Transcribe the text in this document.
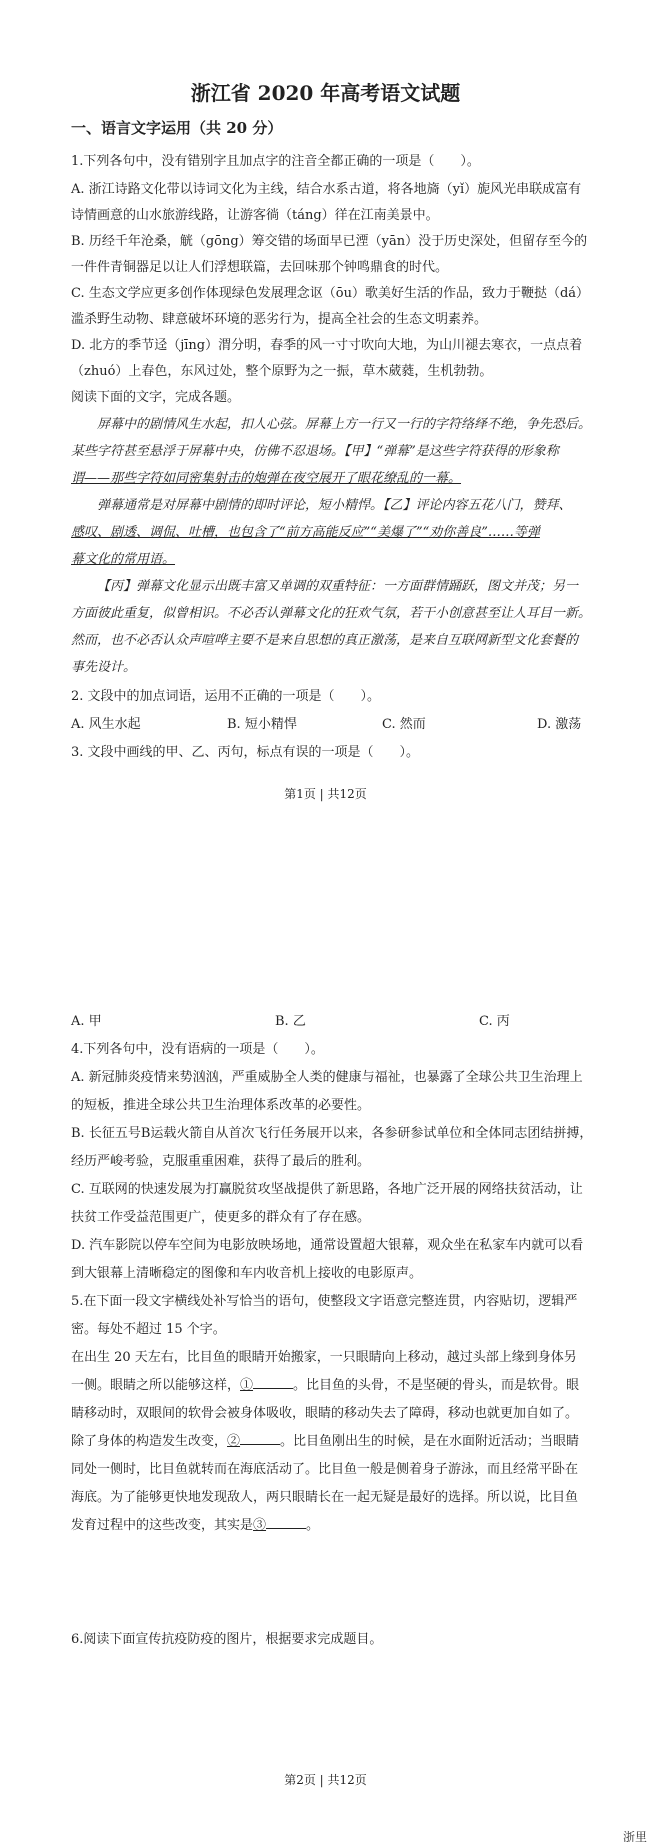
浙江省 2020 年高考语文试题
一、语言文字运用（共 20 分）
1.下列各句中，没有错别字且加点字的注音全都正确的一项是（　　）。
A. 浙江诗路文化带以诗词文化为主线，结合水系古道，将各地旖（yǐ）旎风光串联成富有
诗情画意的山水旅游线路，让游客徜（táng）徉在江南美景中。
B. 历经千年沧桑，觥（gōng）筹交错的场面早已湮（yān）没于历史深处，但留存至今的
一件件青铜器足以让人们浮想联篇，去回味那个钟鸣鼎食的时代。
C. 生态文学应更多创作体现绿色发展理念讴（ōu）歌美好生活的作品，致力于鞭挞（dá）
滥杀野生动物、肆意破坏环境的恶劣行为，提高全社会的生态文明素养。
D. 北方的季节迳（jīng）渭分明，春季的风一寸寸吹向大地，为山川褪去寒衣，一点点着
（zhuó）上春色，东风过处，整个原野为之一振，草木葳蕤，生机勃勃。
阅读下面的文字，完成各题。
屏幕中的剧情风生水起，扣人心弦。屏幕上方一行又一行的字符络绎不绝，争先恐后。
某些字符甚至悬浮于屏幕中央，仿佛不忍退场。【甲】“弹幕”是这些字符获得的形象称
谓——那些字符如同密集射击的炮弹在夜空展开了眼花缭乱的一幕。
弹幕通常是对屏幕中剧情的即时评论，短小精悍。【乙】评论内容五花八门，赞拜、
感叹、剧透、调侃、吐槽，也包含了“前方高能反应”“美爆了”“劝你善良”……等弹
幕文化的常用语。
【丙】弹幕文化显示出既丰富又单调的双重特征：一方面群情踊跃，图文并茂；另一
方面彼此重复，似曾相识。不必否认弹幕文化的狂欢气氛，若干小创意甚至让人耳目一新。
然而，也不必否认众声喧哗主要不是来自思想的真正激荡，是来自互联网新型文化套餐的
事先设计。
2. 文段中的加点词语，运用不正确的一项是（　　）。
A. 风生水起	B. 短小精悍	C. 然而	D. 激荡
3. 文段中画线的甲、乙、丙句，标点有误的一项是（　　）。
第1页 | 共12页
A. 甲	B. 乙	C. 丙
4.下列各句中，没有语病的一项是（　　）。
A. 新冠肺炎疫情来势汹汹，严重威胁全人类的健康与福祉，也暴露了全球公共卫生治理上
的短板，推进全球公共卫生治理体系改革的必要性。
B. 长征五号B运载火箭自从首次飞行任务展开以来，各参研参试单位和全体同志团结拼搏，
经历严峻考验，克服重重困难，获得了最后的胜利。
C. 互联网的快速发展为打赢脱贫攻坚战提供了新思路，各地广泛开展的网络扶贫活动，让
扶贫工作受益范围更广，使更多的群众有了存在感。
D. 汽车影院以停车空间为电影放映场地，通常设置超大银幕，观众坐在私家车内就可以看
到大银幕上清晰稳定的图像和车内收音机上接收的电影原声。
5.在下面一段文字横线处补写恰当的语句，使整段文字语意完整连贯，内容贴切，逻辑严
密。每处不超过 15 个字。
在出生 20 天左右，比目鱼的眼睛开始搬家，一只眼睛向上移动，越过头部上缘到身体另
一侧。眼睛之所以能够这样，①	。比目鱼的头骨，不是坚硬的骨头，而是软骨。眼
睛移动时，双眼间的软骨会被身体吸收，眼睛的移动失去了障碍，移动也就更加自如了。
除了身体的构造发生改变，②	。比目鱼刚出生的时候，是在水面附近活动；当眼睛
同处一侧时，比目鱼就转而在海底活动了。比目鱼一般是侧着身子游泳，而且经常平卧在
海底。为了能够更快地发现敌人，两只眼睛长在一起无疑是最好的选择。所以说，比目鱼
发育过程中的这些改变，其实是③	。
6.阅读下面宣传抗疫防疫的图片，根据要求完成题目。
第2页 | 共12页
浙里
